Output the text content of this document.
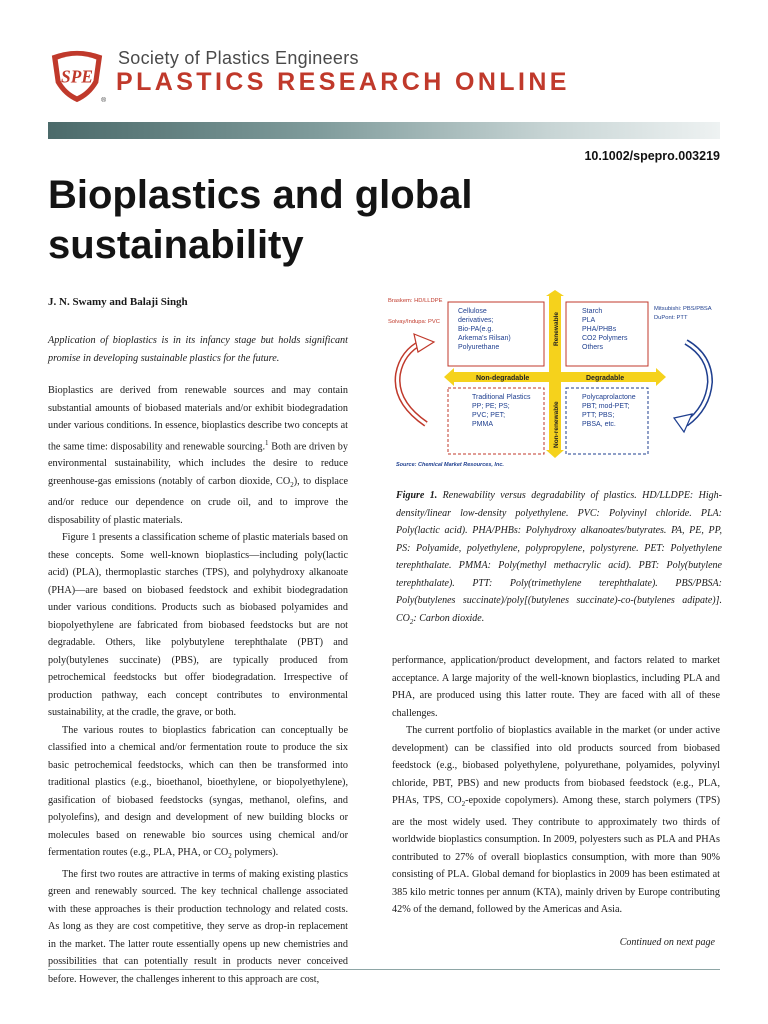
SPE
®
Society of Plastics Engineers
PLASTICS RESEARCH ONLINE
10.1002/spepro.003219
Bioplastics and global sustainability
J. N. Swamy and Balaji Singh

Application of bioplastics is in its infancy stage but holds significant promise in developing sustainable plastics for the future.

Bioplastics are derived from renewable sources and may contain substantial amounts of biobased materials and/or exhibit biodegradation under various conditions. In essence, bioplastics describe two concepts at the same time: disposability and renewable sourcing.$^1$ Both are driven by environmental sustainability, which includes the desire to reduce greenhouse-gas emissions (notably of carbon dioxide, $CO_2$), to displace and/or reduce our dependence on crude oil, and to improve the disposability of plastic materials.

Figure 1 presents a classification scheme of plastic materials based on these concepts. Some well-known bioplastics—including poly(lactic acid) (PLA), thermoplastic starches (TPS), and polyhydroxy alkanoate (PHA)—are based on biobased feedstock and exhibit biodegradation under various conditions. Products such as biobased polyamides and biopolyethylene are fabricated from biobased feedstocks but are not degradable. Others, like polybutylene terephthalate (PBT) and poly(butylenes succinate) (PBS), are typically produced from petrochemical feedstocks but offer biodegradation. Irrespective of production pathway, each concept contributes to environmental sustainability, at the cradle, the grave, or both.

The various routes to bioplastics fabrication can conceptually be classified into a chemical and/or fermentation route to produce the six basic petrochemical feedstocks, which can then be transformed into traditional plastics (e.g., bioethanol, bioethylene, or biopolyethylene), gasification of biobased feedstocks (syngas, methanol, olefins, and polyolefins), and design and development of new building blocks or molecules based on renewable bio sources using chemical and/or fermentation routes (e.g., PLA, PHA, or $CO_2$ polymers).

The first two routes are attractive in terms of making existing plastics green and renewably sourced. The key technical challenge associated with these approaches is their production technology and related costs. As long as they are cost competitive, they serve as drop-in replacement in the market. The latter route essentially opens up new chemistries and possibilities that can potentially result in products never conceived before. However, the challenges inherent to this approach are cost,

Braskem: HD/LLDPE
Solvay/Indupa: PVC
Mitsubishi: PBS/PBSA
DuPont: PTT
Cellulose
derivatives;
Bio-PA(e.g.
Arkema's Rilsan)
Polyurethane
Starch
PLA
PHA/PHBs
CO2 Polymers
Others
Traditional Plastics
PP; PE; PS;
PVC; PET;
PMMA
Polycaprolactone
PBT; mod-PET;
PTT; PBS;
PBSA, etc.
Renewable
Non-renewable
Non-degradable	Degradable
Source: Chemical Market Resources, Inc.

Figure 1. Renewability versus degradability of plastics. HD/LLDPE: High-density/linear low-density polyethylene. PVC: Polyvinyl chloride. PLA: Poly(lactic acid). PHA/PHBs: Polyhydroxy alkanoates/butyrates. PA, PE, PP, PS: Polyamide, polyethylene, polypropylene, polystyrene. PET: Polyethylene terephthalate. PMMA: Poly(methyl methacrylic acid). PBT: Poly(butylene terephthalate). PTT: Poly(trimethylene terephthalate). PBS/PBSA: Poly(butylenes succinate)/poly[(butylenes succinate)-co-(butylenes adipate)]. $CO_2$: Carbon dioxide.

performance, application/product development, and factors related to market acceptance. A large majority of the well-known bioplastics, including PLA and PHA, are produced using this latter route. They are faced with all of these challenges.

The current portfolio of bioplastics available in the market (or under active development) can be classified into old products sourced from biobased feedstock (e.g., biobased polyethylene, polyurethane, polyamides, polyvinyl chloride, PBT, PBS) and new products from biobased feedstock (e.g., PLA, PHAs, TPS, $CO_2$-epoxide copolymers). Among these, starch polymers (TPS) are the most widely used. They contribute to approximately two thirds of worldwide bioplastics consumption. In 2009, polyesters such as PLA and PHAs contributed to 27% of overall bioplastics consumption, with more than 90% consisting of PLA. Global demand for bioplastics in 2009 has been estimated at 385 kilo metric tonnes per annum (KTA), mainly driven by Europe contributing 42% of the demand, followed by the Americas and Asia.

Continued on next page
